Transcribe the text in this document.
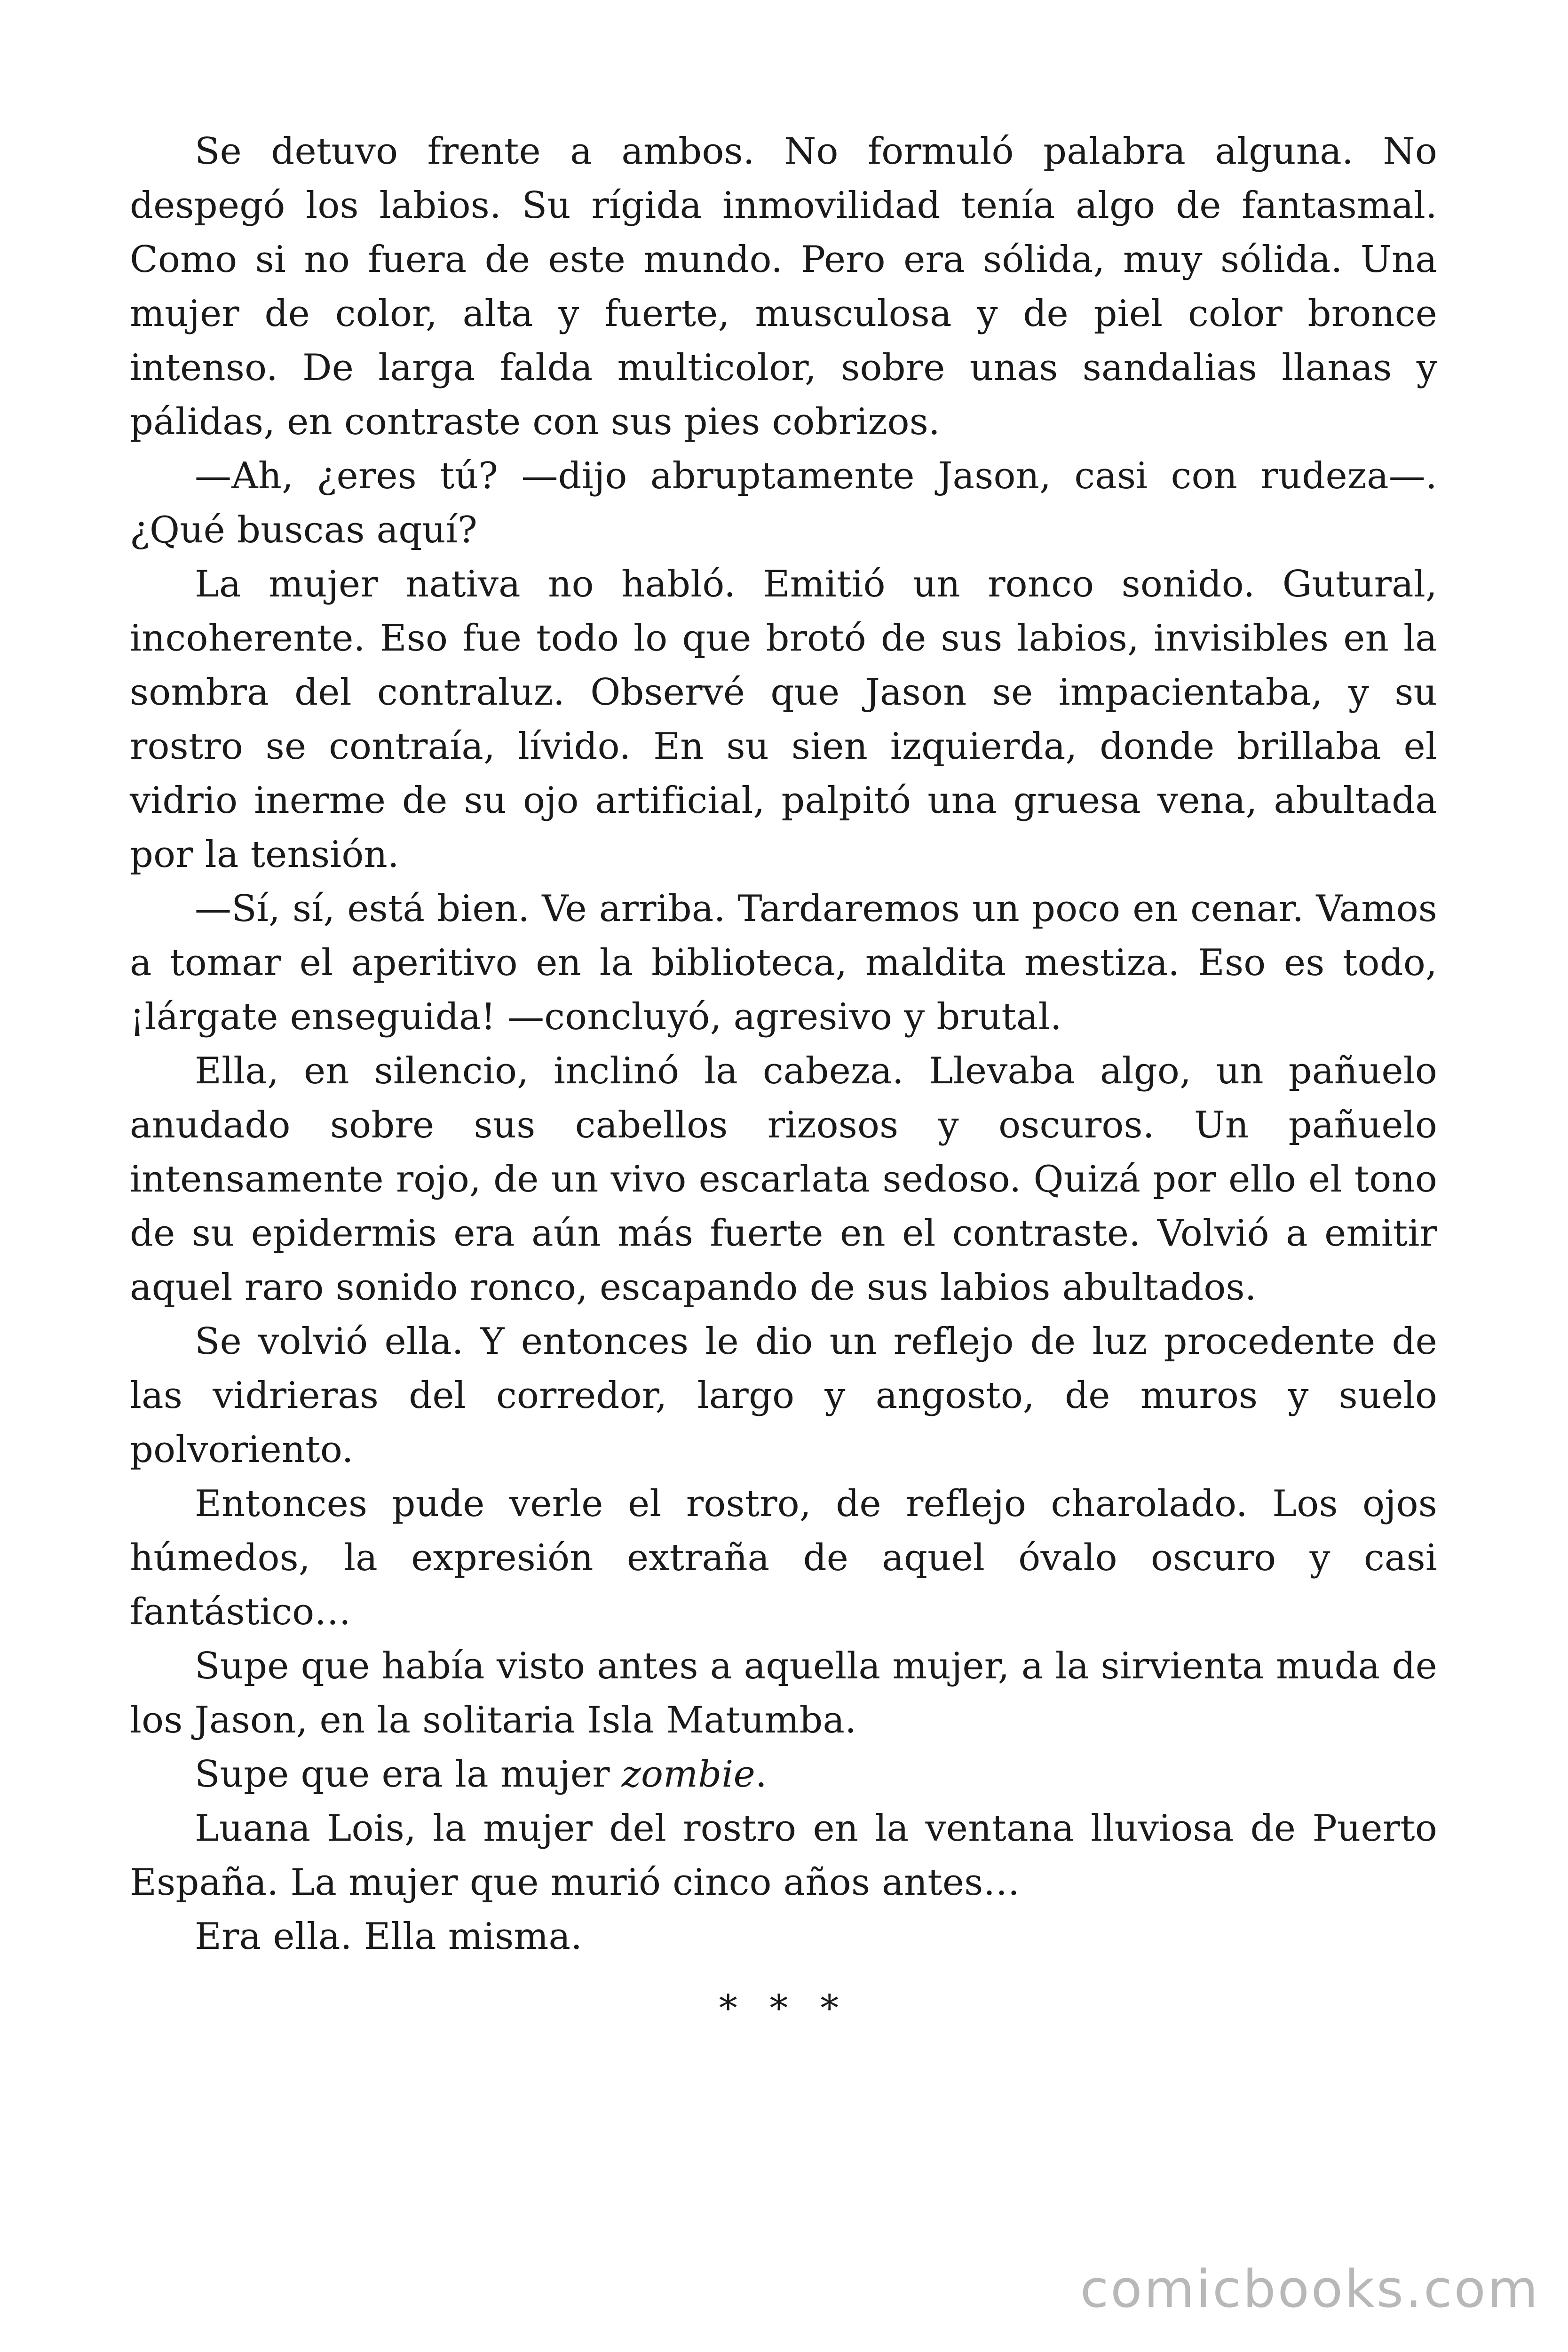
Se detuvo frente a ambos. No formuló palabra alguna. No despegó los labios. Su rígida inmovilidad tenía algo de fantasmal. Como si no fuera de este mundo. Pero era sólida, muy sólida. Una mujer de color, alta y fuerte, musculosa y de piel color bronce intenso. De larga falda multicolor, sobre unas sandalias llanas y pálidas, en contraste con sus pies cobrizos.

—Ah, ¿eres tú? —dijo abruptamente Jason, casi con rudeza—. ¿Qué buscas aquí?

La mujer nativa no habló. Emitió un ronco sonido. Gutural, incoherente. Eso fue todo lo que brotó de sus labios, invisibles en la sombra del contraluz. Observé que Jason se impacientaba, y su rostro se contraía, lívido. En su sien izquierda, donde brillaba el vidrio inerme de su ojo artificial, palpitó una gruesa vena, abultada por la tensión.

—Sí, sí, está bien. Ve arriba. Tardaremos un poco en cenar. Vamos a tomar el aperitivo en la biblioteca, maldita mestiza. Eso es todo, ¡lárgate enseguida! —concluyó, agresivo y brutal.

Ella, en silencio, inclinó la cabeza. Llevaba algo, un pañuelo anudado sobre sus cabellos rizosos y oscuros. Un pañuelo intensamente rojo, de un vivo escarlata sedoso. Quizá por ello el tono de su epidermis era aún más fuerte en el contraste. Volvió a emitir aquel raro sonido ronco, escapando de sus labios abultados.

Se volvió ella. Y entonces le dio un reflejo de luz procedente de las vidrieras del corredor, largo y angosto, de muros y suelo polvoriento.

Entonces pude verle el rostro, de reflejo charolado. Los ojos húmedos, la expresión extraña de aquel óvalo oscuro y casi fantástico…

Supe que había visto antes a aquella mujer, a la sirvienta muda de los Jason, en la solitaria Isla Matumba.

Supe que era la mujer zombie.

Luana Lois, la mujer del rostro en la ventana lluviosa de Puerto España. La mujer que murió cinco años antes…

Era ella. Ella misma.

* * *
comicbooks.com
